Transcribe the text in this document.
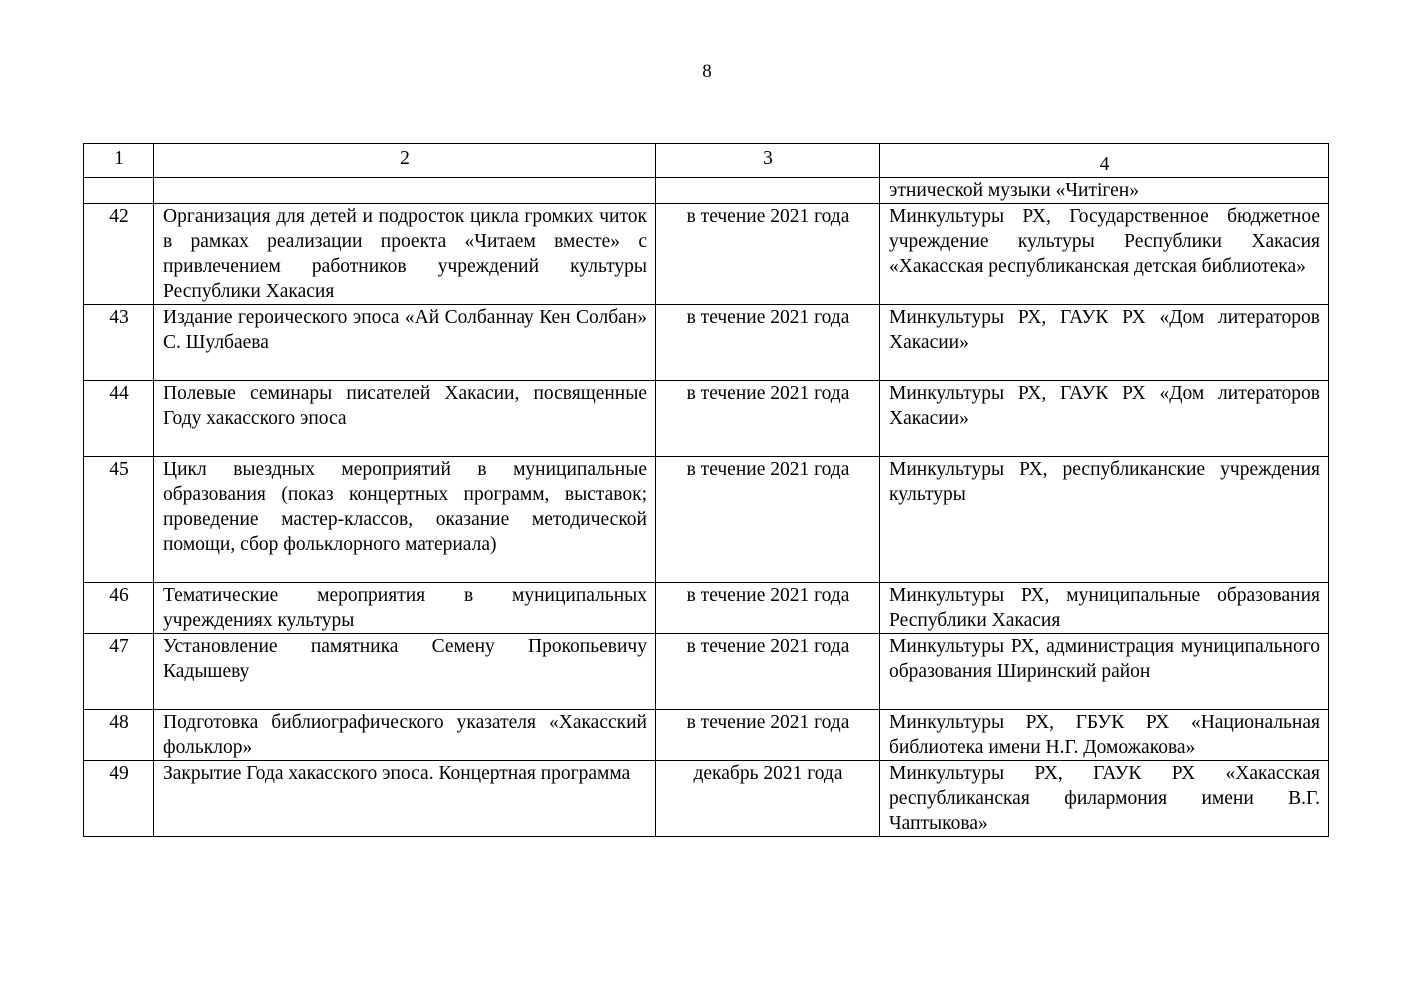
8
1	2	3	4
			этнической музыки «Читiген»
42	Организация для детей и подросток цикла громких читок в рамках реализации проекта «Читаем вместе» с привлечением работников учреждений культуры Республики Хакасия	в течение 2021 года	Минкультуры РХ, Государственное бюджетное учреждение культуры Республики Хакасия «Хакасская республиканская детская библиотека»
43	Издание героического эпоса «Ай Солбаннау Кен Солбан» С. Шулбаева	в течение 2021 года	Минкультуры РХ, ГАУК РХ «Дом литераторов Хакасии»
44	Полевые семинары писателей Хакасии, посвященные Году хакасского эпоса	в течение 2021 года	Минкультуры РХ, ГАУК РХ «Дом литераторов Хакасии»
45	Цикл выездных мероприятий в муниципальные образования (показ концертных программ, выставок; проведение мастер-классов, оказание методической помощи, сбор фольклорного материала)	в течение 2021 года	Минкультуры РХ, республиканские учреждения культуры
46	Тематические мероприятия в муниципальных учреждениях культуры	в течение 2021 года	Минкультуры РХ, муниципальные образования Республики Хакасия
47	Установление памятника Семену Прокопьевичу Кадышеву	в течение 2021 года	Минкультуры РХ, администрация муниципального образования Ширинский район
48	Подготовка библиографического указателя «Хакасский фольклор»	в течение 2021 года	Минкультуры РХ, ГБУК РХ «Национальная библиотека имени Н.Г. Доможакова»
49	Закрытие Года хакасского эпоса. Концертная программа	декабрь 2021 года	Минкультуры РХ, ГАУК РХ «Хакасская республиканская филармония имени В.Г. Чаптыкова»
